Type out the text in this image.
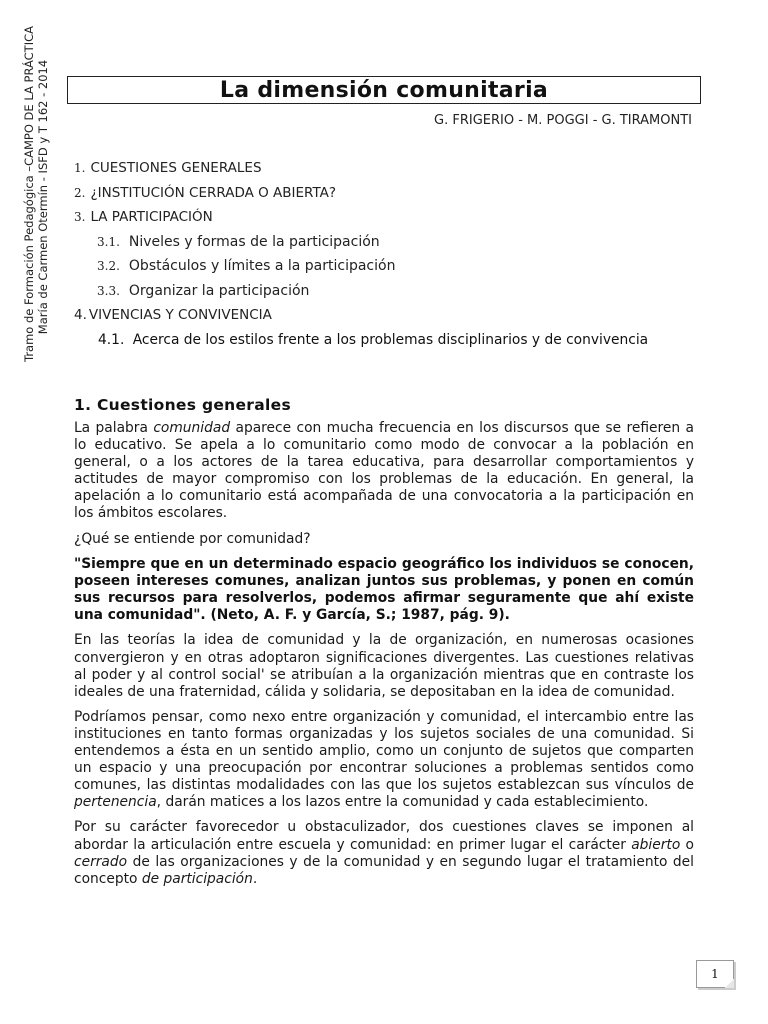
Tramo de Formación Pedagógica –CAMPO DE LA PRÁCTICA María de Carmen Otermín - ISFD y T 162 - 2014	La dimensión comunitaria
G. FRIGERIO - M. POGGI - G. TIRAMONTI
1. CUESTIONES GENERALES
2. ¿INSTITUCIÓN CERRADA O ABIERTA?
3. LA PARTICIPACIÓN
3.1. Niveles y formas de la participación
3.2. Obstáculos y límites a la participación
3.3. Organizar la participación
4. VIVENCIAS Y CONVIVENCIA
4.1. Acerca de los estilos frente a los problemas disciplinarios y de convivencia
1. Cuestiones generales

La palabra comunidad aparece con mucha frecuencia en los discursos que se refieren a lo educativo. Se apela a lo comunitario como modo de convocar a la población en general, o a los actores de la tarea educativa, para desarrollar comportamientos y actitudes de mayor compromiso con los problemas de la educación. En general, la apelación a lo comunitario está acompañada de una convocatoria a la participación en los ámbitos escolares.

¿Qué se entiende por comunidad?

"Siempre que en un determinado espacio geográfico los individuos se conocen, poseen intereses comunes, analizan juntos sus problemas, y ponen en común sus recursos para resolverlos, podemos afirmar seguramente que ahí existe una comunidad". (Neto, A. F. y García, S.; 1987, pág. 9).

En las teorías la idea de comunidad y la de organización, en numerosas ocasiones convergieron y en otras adoptaron significaciones divergentes. Las cuestiones relativas al poder y al control social' se atribuían a la organización mientras que en contraste los ideales de una fraternidad, cálida y solidaria, se depositaban en la idea de comunidad.

Podríamos pensar, como nexo entre organización y comunidad, el intercambio entre las instituciones en tanto formas organizadas y los sujetos sociales de una comunidad. Si entendemos a ésta en un sentido amplio, como un conjunto de sujetos que comparten un espacio y una preocupación por encontrar soluciones a problemas sentidos como comunes, las distintas modalidades con las que los sujetos establezcan sus vínculos de pertenencia, darán matices a los lazos entre la comunidad y cada establecimiento.

Por su carácter favorecedor u obstaculizador, dos cuestiones claves se imponen al abordar la articulación entre escuela y comunidad: en primer lugar el carácter abierto o cerrado de las organizaciones y de la comunidad y en segundo lugar el tratamiento del concepto de participación.

1
